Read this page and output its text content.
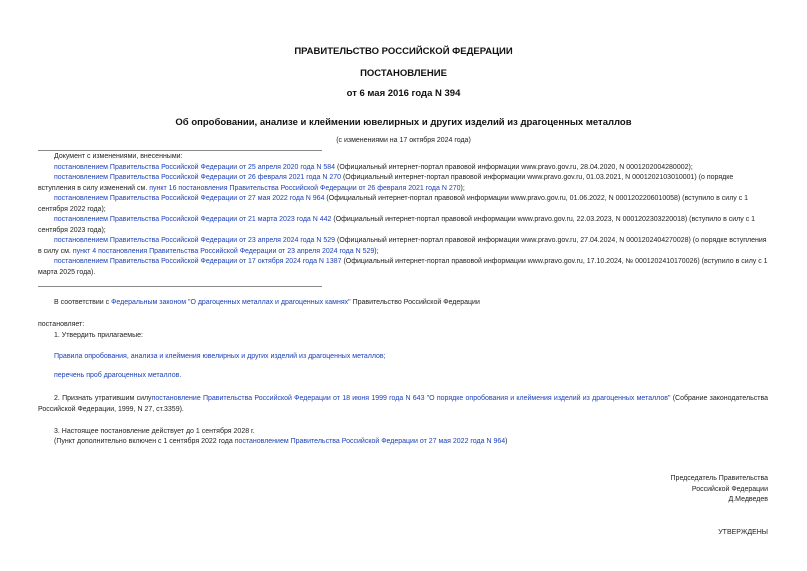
ПРАВИТЕЛЬСТВО РОССИЙСКОЙ ФЕДЕРАЦИИ
ПОСТАНОВЛЕНИЕ
от 6 мая 2016 года N 394
Об опробовании, анализе и клеймении ювелирных и других изделий из драгоценных металлов
(с изменениями на 17 октября 2024 года)
Документ с изменениями, внесенными:
постановлением Правительства Российской Федерации от 25 апреля 2020 года N 584 (Официальный интернет-портал правовой информации www.pravo.gov.ru, 28.04.2020, N 0001202004280002);
постановлением Правительства Российской Федерации от 26 февраля 2021 года N 270 (Официальный интернет-портал правовой информации www.pravo.gov.ru, 01.03.2021, N 0001202103010001) (о порядке вступления в силу изменений см. пункт 16 постановления Правительства Российской Федерации от 26 февраля 2021 года N 270);
постановлением Правительства Российской Федерации от 27 мая 2022 года N 964 (Официальный интернет-портал правовой информации www.pravo.gov.ru, 01.06.2022, N 0001202206010058) (вступило в силу с 1 сентября 2022 года);
постановлением Правительства Российской Федерации от 21 марта 2023 года N 442 (Официальный интернет-портал правовой информации www.pravo.gov.ru, 22.03.2023, N 0001202303220018) (вступило в силу с 1 сентября 2023 года);
постановлением Правительства Российской Федерации от 23 апреля 2024 года N 529 (Официальный интернет-портал правовой информации www.pravo.gov.ru, 27.04.2024, N 0001202404270028) (о порядке вступления в силу см. пункт 4 постановления Правительства Российской Федерации от 23 апреля 2024 года N 529);
постановлением Правительства Российской Федерации от 17 октября 2024 года N 1387 (Официальный интернет-портал правовой информации www.pravo.gov.ru, 17.10.2024, № 0001202410170026) (вступило в силу с 1 марта 2025 года).
В соответствии с Федеральным законом "О драгоценных металлах и драгоценных камнях" Правительство Российской Федерации
постановляет:
1. Утвердить прилагаемые:
Правила опробования, анализа и клеймения ювелирных и других изделий из драгоценных металлов;
перечень проб драгоценных металлов.
2. Признать утратившим силупостановление Правительства Российской Федерации от 18 июня 1999 года N 643 "О порядке опробования и клеймения изделий из драгоценных металлов" (Собрание законодательства Российской Федерации, 1999, N 27, ст.3359).
3. Настоящее постановление действует до 1 сентября 2028 г.
(Пункт дополнительно включен с 1 сентября 2022 года постановлением Правительства Российской Федерации от 27 мая 2022 года N 964)
Председатель Правительства
Российской Федерации
Д.Медведев
УТВЕРЖДЕНЫ
